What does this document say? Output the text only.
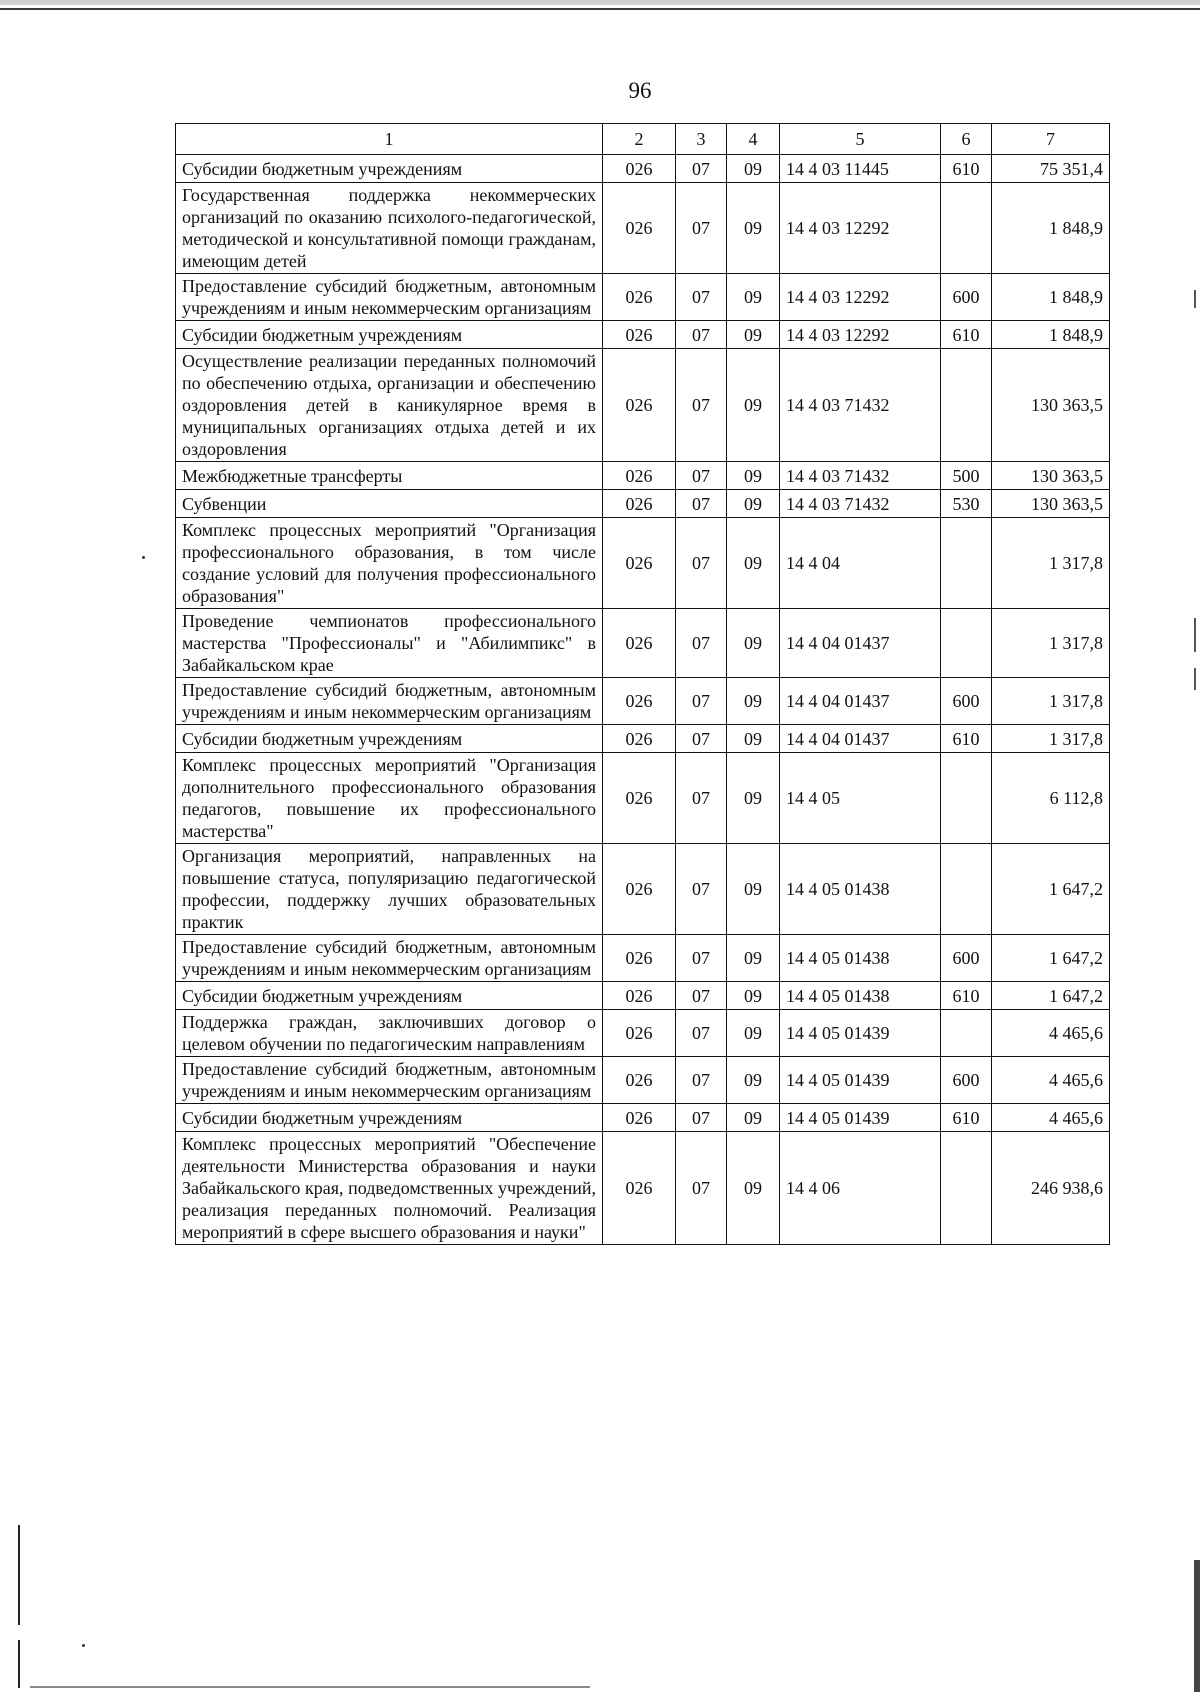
96
1	2	3	4	5	6	7
Субсидии бюджетным учреждениям	026	07	09	14 4 03 11445	610	75 351,4
Государственная поддержка некоммерческих организаций по оказанию психолого-педагогической, методической и консультативной помощи гражданам, имеющим детей	026	07	09	14 4 03 12292		1 848,9
Предоставление субсидий бюджетным, автономным учреждениям и иным некоммерческим организациям	026	07	09	14 4 03 12292	600	1 848,9
Субсидии бюджетным учреждениям	026	07	09	14 4 03 12292	610	1 848,9
Осуществление реализации переданных полномочий по обеспечению отдыха, организации и обеспечению оздоровления детей в каникулярное время в муниципальных организациях отдыха детей и их оздоровления	026	07	09	14 4 03 71432		130 363,5
Межбюджетные трансферты	026	07	09	14 4 03 71432	500	130 363,5
Субвенции	026	07	09	14 4 03 71432	530	130 363,5
Комплекс процессных мероприятий "Организация профессионального образования, в том числе создание условий для получения профессионального образования"	026	07	09	14 4 04		1 317,8
Проведение чемпионатов профессионального мастерства "Профессионалы" и "Абилимпикс" в Забайкальском крае	026	07	09	14 4 04 01437		1 317,8
Предоставление субсидий бюджетным, автономным учреждениям и иным некоммерческим организациям	026	07	09	14 4 04 01437	600	1 317,8
Субсидии бюджетным учреждениям	026	07	09	14 4 04 01437	610	1 317,8
Комплекс процессных мероприятий "Организация дополнительного профессионального образования педагогов, повышение их профессионального мастерства"	026	07	09	14 4 05		6 112,8
Организация мероприятий, направленных на повышение статуса, популяризацию педагогической профессии, поддержку лучших образовательных практик	026	07	09	14 4 05 01438		1 647,2
Предоставление субсидий бюджетным, автономным учреждениям и иным некоммерческим организациям	026	07	09	14 4 05 01438	600	1 647,2
Субсидии бюджетным учреждениям	026	07	09	14 4 05 01438	610	1 647,2
Поддержка граждан, заключивших договор о целевом обучении по педагогическим направлениям	026	07	09	14 4 05 01439		4 465,6
Предоставление субсидий бюджетным, автономным учреждениям и иным некоммерческим организациям	026	07	09	14 4 05 01439	600	4 465,6
Субсидии бюджетным учреждениям	026	07	09	14 4 05 01439	610	4 465,6
Комплекс процессных мероприятий "Обеспечение деятельности Министерства образования и науки Забайкальского края, подведомственных учреждений, реализация переданных полномочий. Реализация мероприятий в сфере высшего образования и науки"	026	07	09	14 4 06		246 938,6
